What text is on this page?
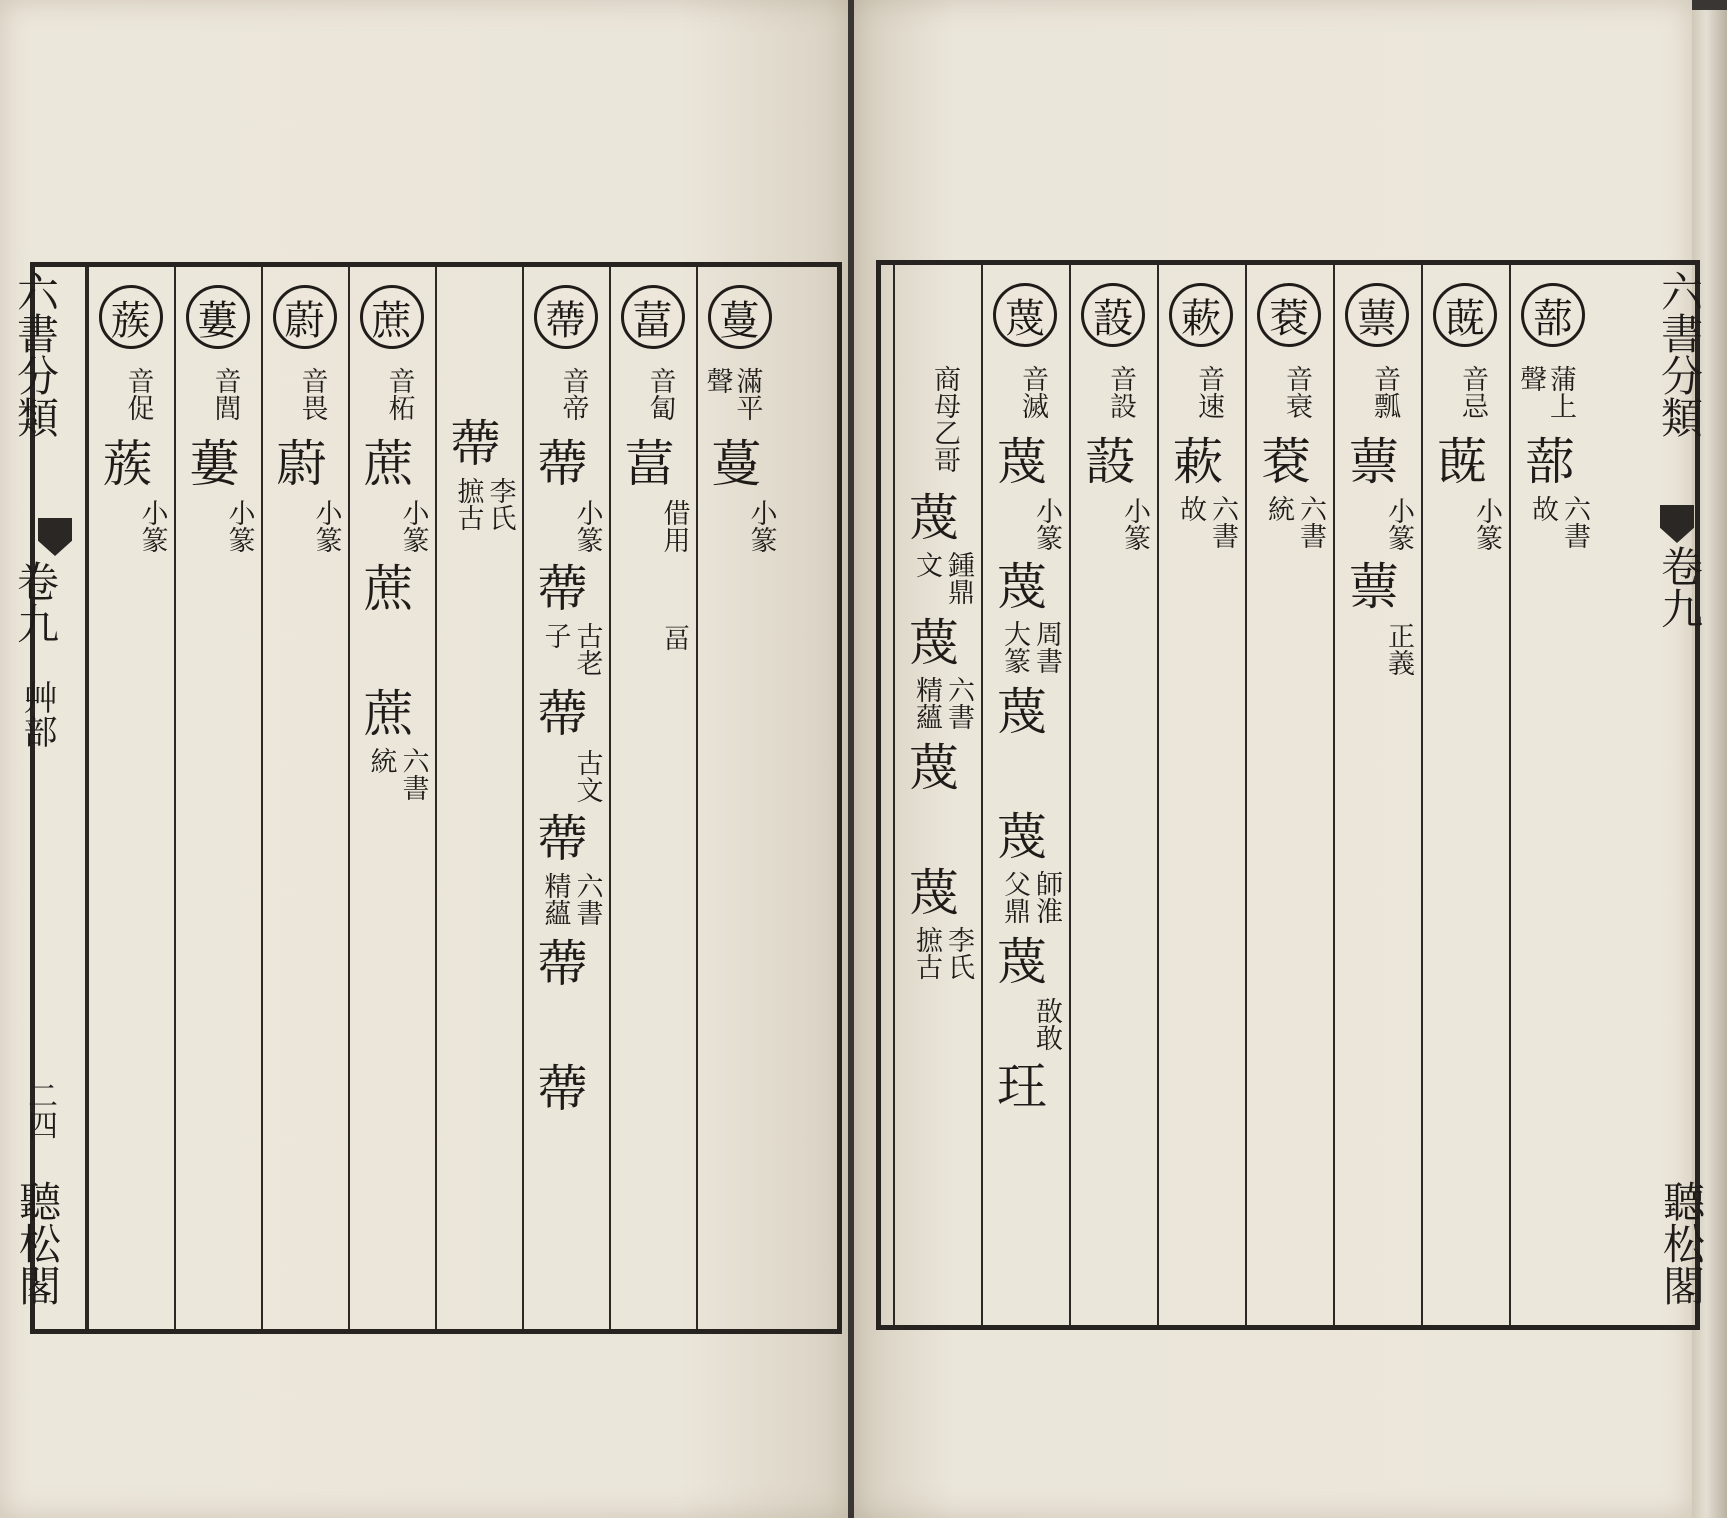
蔓
滿平
聲
蔓
小篆
葍
音匐
葍
借用
畐
蔕
音帝
蔕
小篆
蔕
古老
子
蔕
古文
蔕
六書
精蘊
蔕
蔕
蔕
李氏
摭古
蔗
音柘
蔗
小篆
蔗
蔗
六書
統
蔚
音畏
蔚
小篆
蔞
音閭
蔞
小篆
蔟
音促
蔟
小篆
六書分類
卷九
艸部
二四
聽松閣
蔀
蒲上
聲
蔀
六書
故
蔇
音忌
蔇
小篆
蔈
音瓢
蔈
小篆
蔈
正義
蔉
音衰
蔉
六書
統
蔌
音速
蔌
六書
故
蔎
音設
蔎
小篆
蔑
音滅
蔑
小篆
蔑
周書
大篆
蔑
蔑
師淮
父鼎
蔑
敔敢
玨
商母乙哥
蔑
鍾鼎
文
蔑
六書
精蘊
蔑
蔑
李氏
摭古
六書分類
卷九
聽松閣
